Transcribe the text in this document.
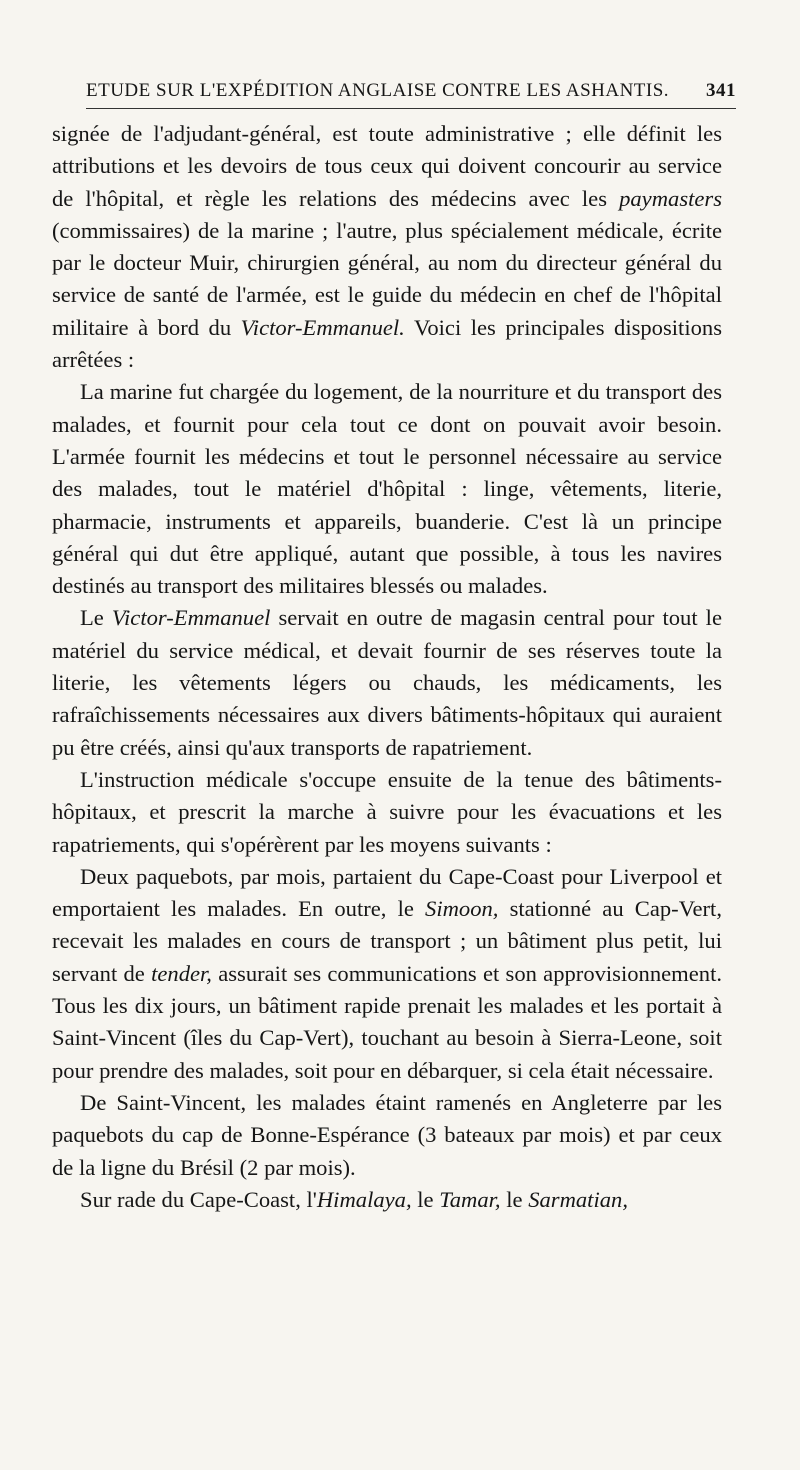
ETUDE SUR L'EXPÉDITION ANGLAISE CONTRE LES ASHANTIS. 341

signée de l'adjudant-général, est toute administrative ; elle définit les attributions et les devoirs de tous ceux qui doivent concourir au service de l'hôpital, et règle les relations des médecins avec les paymasters (commissaires) de la marine ; l'autre, plus spécialement médicale, écrite par le docteur Muir, chirurgien général, au nom du directeur général du service de santé de l'armée, est le guide du médecin en chef de l'hôpital militaire à bord du Victor-Emmanuel. Voici les principales dispositions arrêtées :

La marine fut chargée du logement, de la nourriture et du transport des malades, et fournit pour cela tout ce dont on pouvait avoir besoin. L'armée fournit les médecins et tout le personnel nécessaire au service des malades, tout le matériel d'hôpital : linge, vêtements, literie, pharmacie, instruments et appareils, buanderie. C'est là un principe général qui dut être appliqué, autant que possible, à tous les navires destinés au transport des militaires blessés ou malades.

Le Victor-Emmanuel servait en outre de magasin central pour tout le matériel du service médical, et devait fournir de ses réserves toute la literie, les vêtements légers ou chauds, les médicaments, les rafraîchissements nécessaires aux divers bâtiments-hôpitaux qui auraient pu être créés, ainsi qu'aux transports de rapatriement.

L'instruction médicale s'occupe ensuite de la tenue des bâtiments-hôpitaux, et prescrit la marche à suivre pour les évacuations et les rapatriements, qui s'opérèrent par les moyens suivants :

Deux paquebots, par mois, partaient du Cape-Coast pour Liverpool et emportaient les malades. En outre, le Simoon, stationné au Cap-Vert, recevait les malades en cours de transport ; un bâtiment plus petit, lui servant de tender, assurait ses communications et son approvisionnement. Tous les dix jours, un bâtiment rapide prenait les malades et les portait à Saint-Vincent (îles du Cap-Vert), touchant au besoin à Sierra-Leone, soit pour prendre des malades, soit pour en débarquer, si cela était nécessaire.

De Saint-Vincent, les malades étaint ramenés en Angleterre par les paquebots du cap de Bonne-Espérance (3 bateaux par mois) et par ceux de la ligne du Brésil (2 par mois).

Sur rade du Cape-Coast, l'Himalaya, le Tamar, le Sarmatian,
